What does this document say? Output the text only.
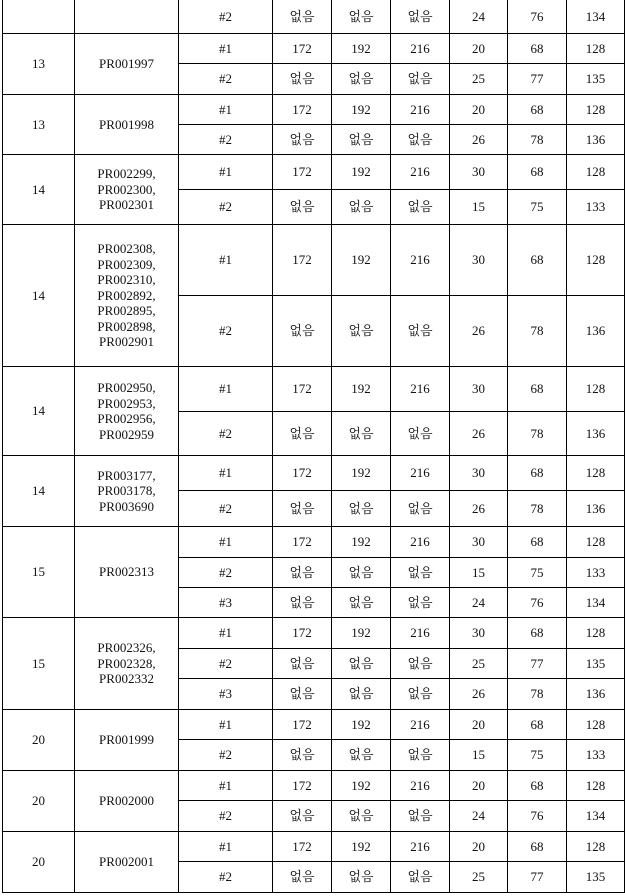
		#2	없음	없음	없음	24	76	134
13	PR001997
	#1	172	192	216	20	68	128
#2	없음	없음	없음	25	77	135
13	PR001998
	#1	172	192	216	20	68	128
#2	없음	없음	없음	26	78	136
14	
PR002299,
PR002300,
PR002301
	#1	172	192	216	30	68	128
#2	없음	없음	없음	15	75	133
14	
PR002308,
PR002309,
PR002310,
PR002892,
PR002895,
PR002898,
PR002901
	#1	172	192	216	30	68	128
#2	없음	없음	없음	26	78	136
14	
PR002950,
PR002953,
PR002956,
PR002959
	#1	172	192	216	30	68	128
#2	없음	없음	없음	26	78	136
14	
PR003177,
PR003178,
PR003690
	#1	172	192	216	30	68	128
#2	없음	없음	없음	26	78	136
15	PR002313
	#1	172	192	216	30	68	128
#2	없음	없음	없음	15	75	133
#3	없음	없음	없음	24	76	134
15	
PR002326,
PR002328,
PR002332
	#1	172	192	216	30	68	128
#2	없음	없음	없음	25	77	135
#3	없음	없음	없음	26	78	136
20	PR001999
	#1	172	192	216	20	68	128
#2	없음	없음	없음	15	75	133
20	PR002000
	#1	172	192	216	20	68	128
#2	없음	없음	없음	24	76	134
20	PR002001
	#1	172	192	216	20	68	128
#2	없음	없음	없음	25	77	135
